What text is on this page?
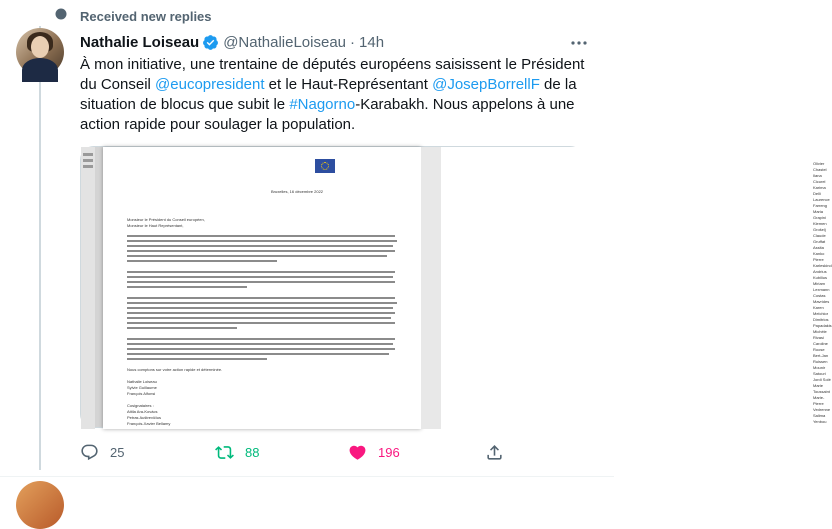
Received new replies
Nathalie Loiseau @NathalieLoiseau · 14h
À mon initiative, une trentaine de députés européens saisissent le Président
du Conseil @eucopresident et le Haut-Représentant @JosepBorrellF de la
situation de blocus que subit le #Nagorno-Karabakh. Nous appelons à une
action rapide pour soulager la population.
Bruxelles, 16 décembre 2022
Monsieur le Président du Conseil européen,
Monsieur le Haut Représentant,
Nous comptons sur votre action rapide et déterminée.
Nathalie Loiseau
Sylvie Guillaume
François Alfonsi
Cosignataires :
Attila Ara-Kovács
Petras Auštrevičius
François-Xavier Bellamy
Olivier Chastel
Ilana Cicurel
Karima Delli
Laurence Farreng
Maria Grapini
Klemen Grošelj
Claude Gruffat
Assita Kanko
Pierre Karleskind
Andrius Kubilius
Miriam Lexmann
Costas Mavrides
Karen Melchior
Dimitrios Papadakis
Michèle Rivasi
Caroline Roose
Bert-Jan Ruissen
Mounir Satouri
Jordi Solé
Marie Toussaint
Marie-Pierre Vedrenne
Salima Yenbou
25	88	196
